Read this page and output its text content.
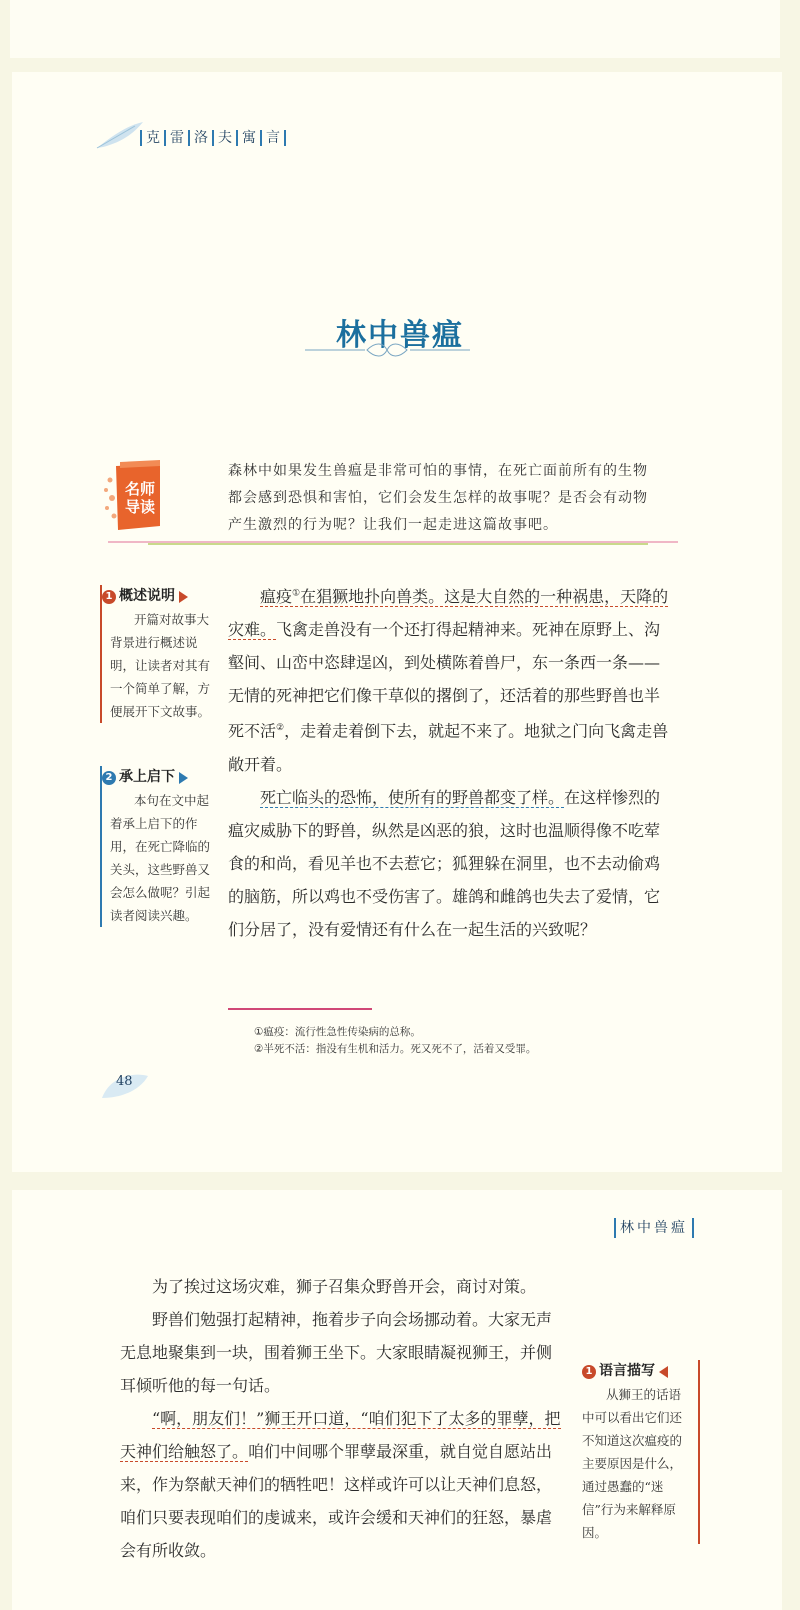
克 雷 洛 夫 寓 言
林中兽瘟
名师
导读
森林中如果发生兽瘟是非常可怕的事情，在死亡面前所有的生物都会感到恐惧和害怕，它们会发生怎样的故事呢？是否会有动物产生激烈的行为呢？让我们一起走进这篇故事吧。
1 概述说明
开篇对故事大背景进行概述说明，让读者对其有一个简单了解，方便展开下文故事。
2 承上启下
本句在文中起着承上启下的作用，在死亡降临的关头，这些野兽又会怎么做呢？引起读者阅读兴趣。

瘟疫①在猖獗地扑向兽类。这是大自然的一种祸患，天降的灾难。飞禽走兽没有一个还打得起精神来。死神在原野上、沟壑间、山峦中恣肆逞凶，到处横陈着兽尸，东一条西一条——无情的死神把它们像干草似的撂倒了，还活着的那些野兽也半死不活②，走着走着倒下去，就起不来了。地狱之门向飞禽走兽敞开着。

死亡临头的恐怖，使所有的野兽都变了样。在这样惨烈的瘟灾威胁下的野兽，纵然是凶恶的狼，这时也温顺得像不吃荤食的和尚，看见羊也不去惹它；狐狸躲在洞里，也不去动偷鸡的脑筋，所以鸡也不受伤害了。雄鸽和雌鸽也失去了爱情，它们分居了，没有爱情还有什么在一起生活的兴致呢？

①瘟疫：流行性急性传染病的总称。
②半死不活：指没有生机和活力。死又死不了，活着又受罪。
48
林中兽瘟

为了挨过这场灾难，狮子召集众野兽开会，商讨对策。

野兽们勉强打起精神，拖着步子向会场挪动着。大家无声无息地聚集到一块，围着狮王坐下。大家眼睛凝视狮王，并侧耳倾听他的每一句话。

“啊，朋友们！”狮王开口道，“咱们犯下了太多的罪孽，把天神们给触怒了。咱们中间哪个罪孽最深重，就自觉自愿站出来，作为祭献天神们的牺牲吧！这样或许可以让天神们息怒，咱们只要表现咱们的虔诚来，或许会缓和天神们的狂怒，暴虐会有所收敛。

1 语言描写
从狮王的话语中可以看出它们还不知道这次瘟疫的主要原因是什么，通过愚蠢的“迷信”行为来解释原因。
